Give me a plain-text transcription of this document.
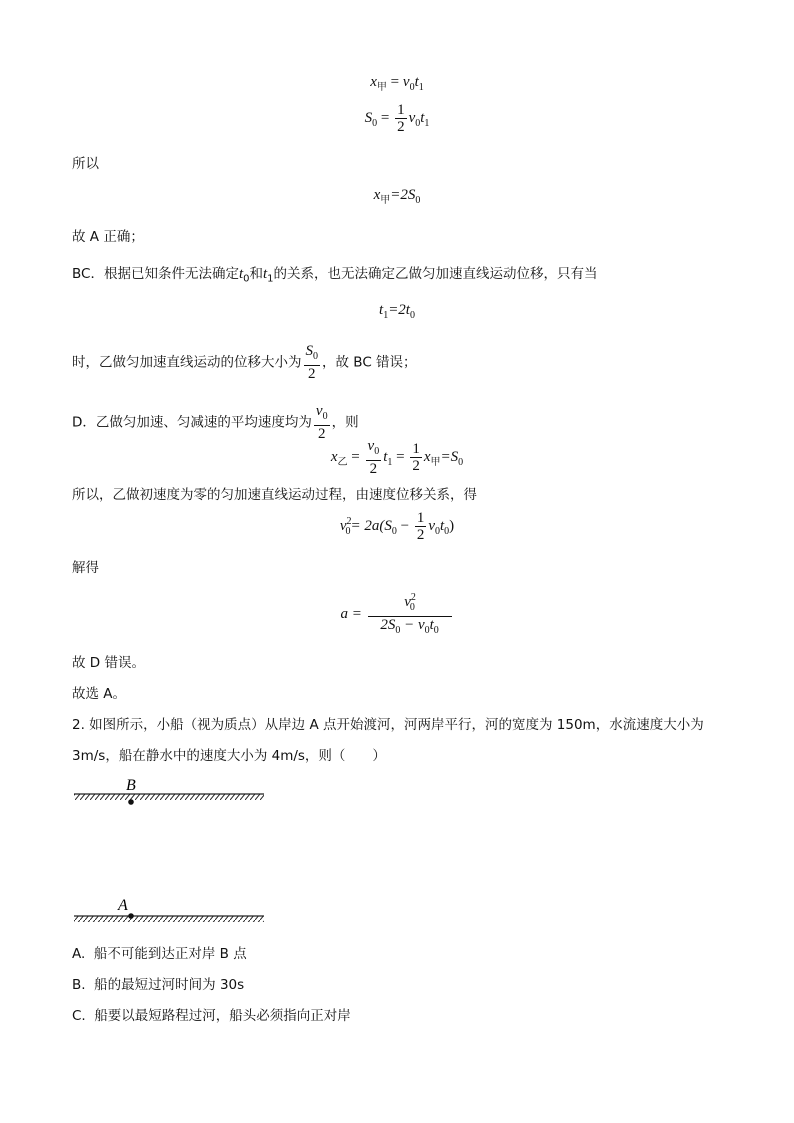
$x_甲 = v_0t_1$
$S_0 = \frac{1}{2} v_0t_1$
所以
$x_甲=2S_0$
故 A 正确；
BC．根据已知条件无法确定$t_0$和$t_1$的关系，也无法确定乙做匀加速直线运动位移，只有当
$t_1=2t_0$
时，乙做匀加速直线运动的位移大小为 $\frac{S_0}{2}$ ，故 BC 错误；
D．乙做匀加速、匀减速的平均速度均为 $\frac{v_0}{2}$ ，则
$x_乙 = \frac{v_0}{2} t_1 = \frac{1}{2} x_甲=S_0$
所以，乙做初速度为零的匀加速直线运动过程，由速度位移关系，得
$v^2_0= 2a(S_0 - \frac{1}{2} v_0t_0)$
解得
$a = \frac{v^2_0}{2S_0 - v_0t_0}$
故 D 错误。
故选 A。
2. 如图所示，小船（视为质点）从岸边 A 点开始渡河，河两岸平行，河的宽度为 150m，水流速度大小为
3m/s，船在静水中的速度大小为 4m/s，则（　　）
B
A
A. 船不可能到达正对岸 B 点
B. 船的最短过河时间为 30s
C. 船要以最短路程过河，船头必须指向正对岸
